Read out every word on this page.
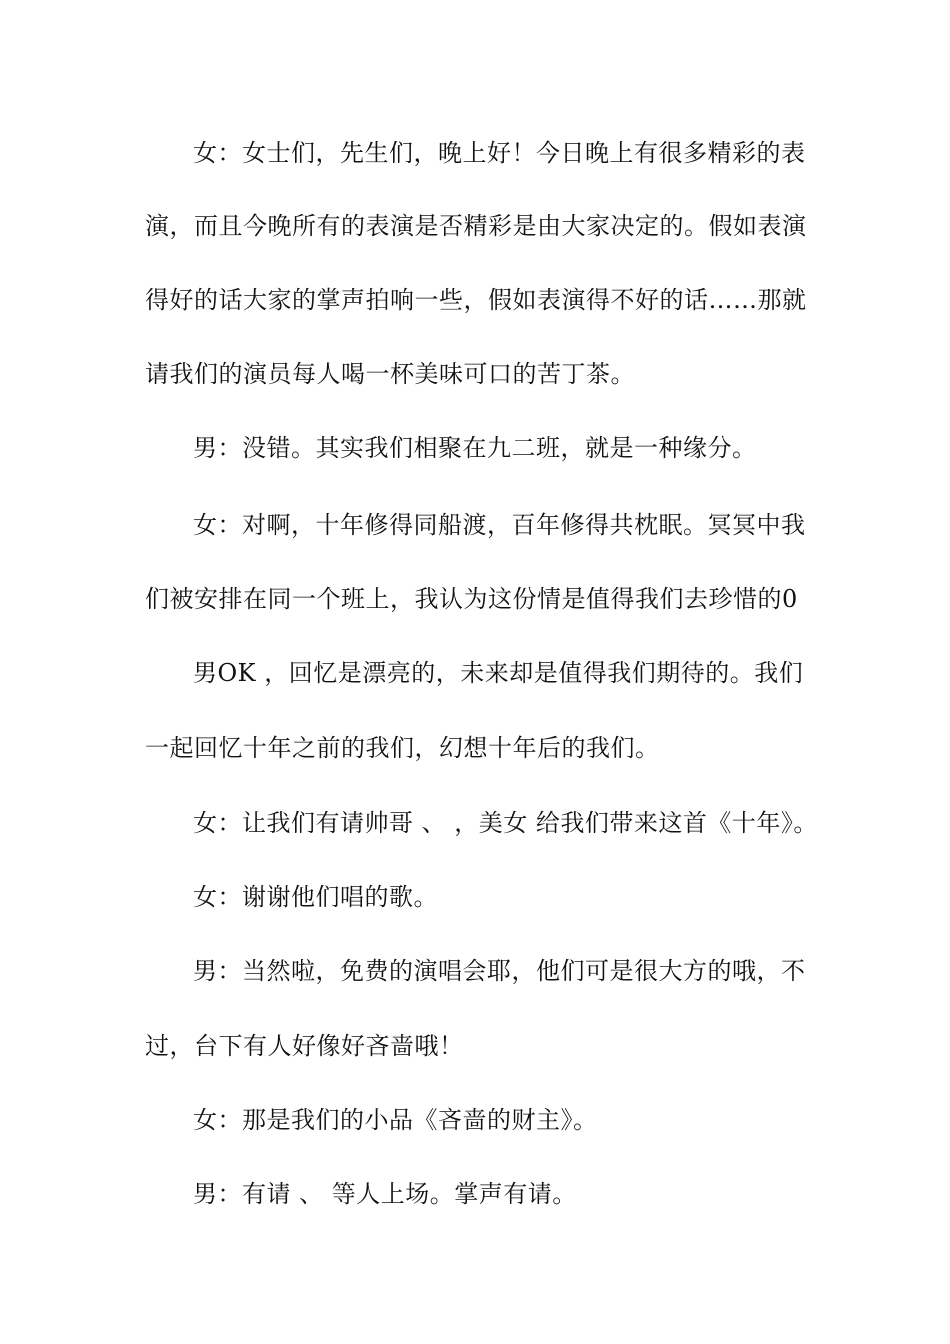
女：女士们，先生们，晚上好！今日晚上有很多精彩的表
演，而且今晚所有的表演是否精彩是由大家决定的。假如表演
得好的话大家的掌声拍响一些，假如表演得不好的话……那就
请我们的演员每人喝一杯美味可口的苦丁茶。
男：没错。其实我们相聚在九二班，就是一种缘分。
女：对啊，十年修得同船渡，百年修得共枕眠。冥冥中我
们被安排在同一个班上，我认为这份情是值得我们去珍惜的0
男OK ，回忆是漂亮的，未来却是值得我们期待的。我们
一起回忆十年之前的我们，幻想十年后的我们。
女：让我们有请帅哥 、 ，美女 给我们带来这首《十年》。
女：谢谢他们唱的歌。
男：当然啦，免费的演唱会耶，他们可是很大方的哦，不
过，台下有人好像好吝啬哦！
女：那是我们的小品《吝啬的财主》。
男：有请 、 等人上场。掌声有请。
